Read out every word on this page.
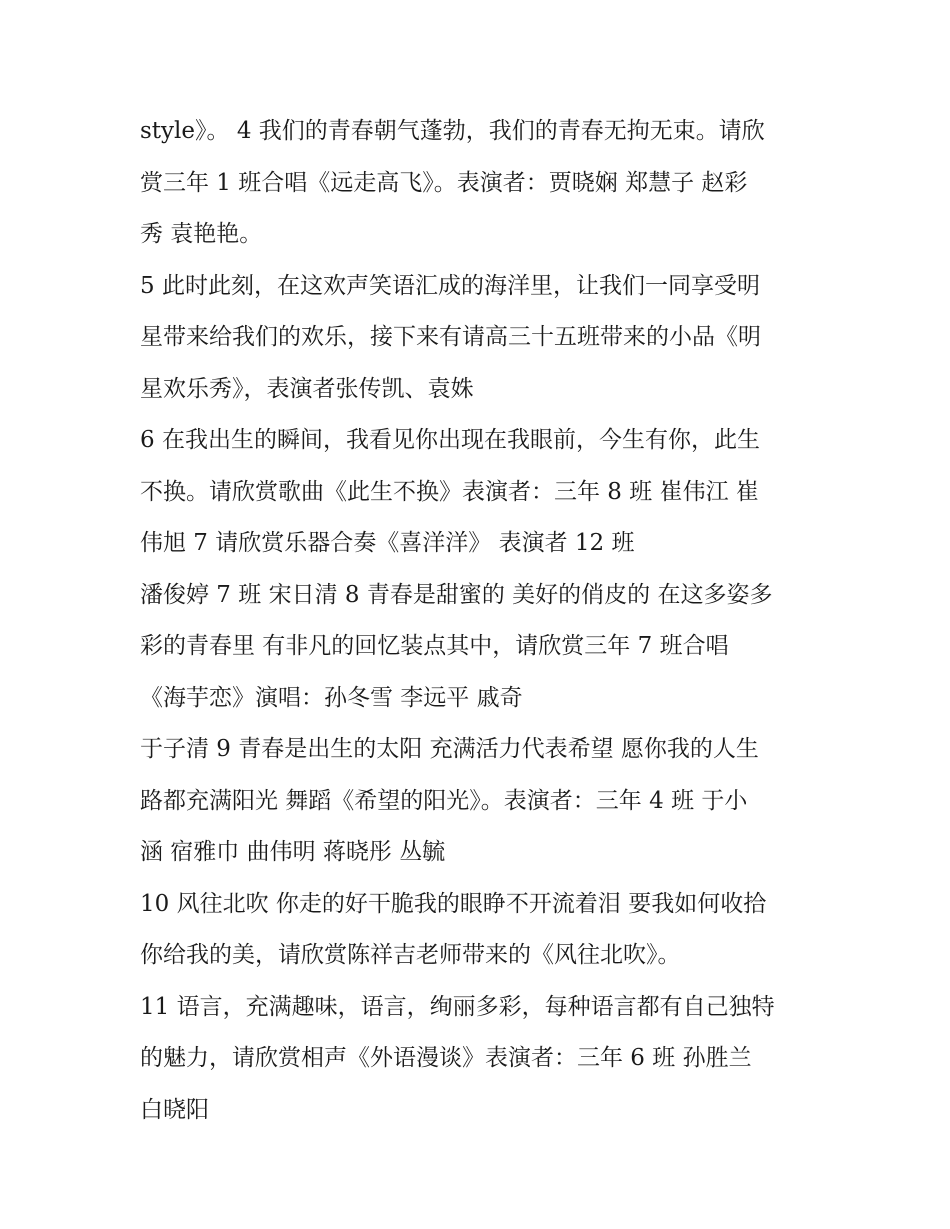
style》。 4 我们的青春朝气蓬勃，我们的青春无拘无束。请欣
赏三年 1 班合唱《远走高飞》。表演者：贾晓娴 郑慧子 赵彩
秀 袁艳艳。
5 此时此刻，在这欢声笑语汇成的海洋里，让我们一同享受明
星带来给我们的欢乐，接下来有请高三十五班带来的小品《明
星欢乐秀》，表演者张传凯、袁姝
6 在我出生的瞬间，我看见你出现在我眼前，今生有你，此生
不换。请欣赏歌曲《此生不换》表演者：三年 8 班 崔伟江 崔
伟旭 7 请欣赏乐器合奏《喜洋洋》 表演者 12 班
潘俊婷 7 班 宋日清 8 青春是甜蜜的 美好的俏皮的 在这多姿多
彩的青春里 有非凡的回忆装点其中，请欣赏三年 7 班合唱
《海芋恋》演唱：孙冬雪 李远平 戚奇
于子清 9 青春是出生的太阳 充满活力代表希望 愿你我的人生
路都充满阳光 舞蹈《希望的阳光》。表演者：三年 4 班 于小
涵 宿雅巾 曲伟明 蒋晓彤 丛毓
10 风往北吹 你走的好干脆我的眼睁不开流着泪 要我如何收拾
你给我的美，请欣赏陈祥吉老师带来的《风往北吹》。
11 语言，充满趣味，语言，绚丽多彩，每种语言都有自己独特
的魅力，请欣赏相声《外语漫谈》表演者：三年 6 班 孙胜兰
白晓阳
